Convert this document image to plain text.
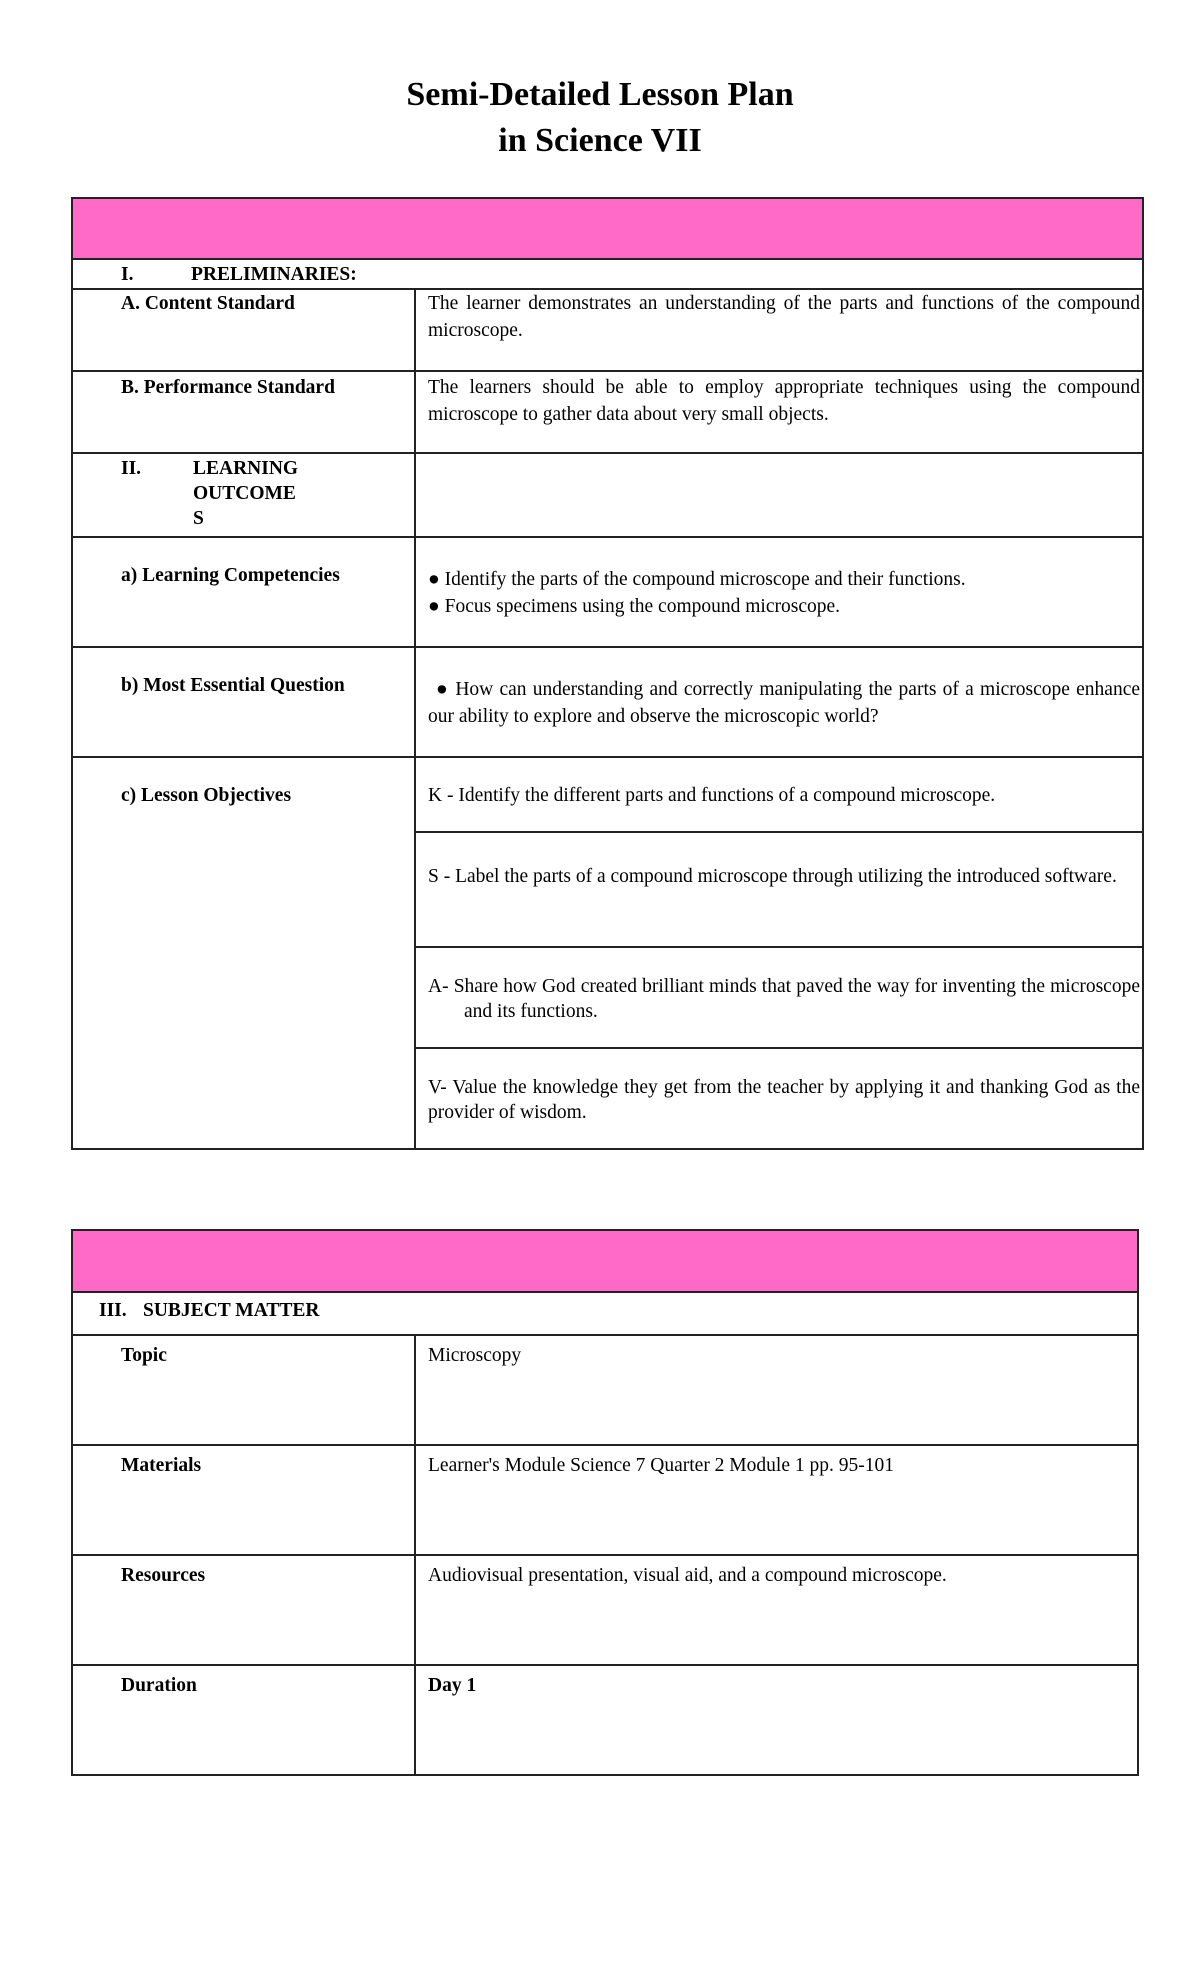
Semi-Detailed Lesson Plan
in Science VII

I. PRELIMINARIES:	
A. Content Standard	The learner demonstrates an understanding of the parts and functions of the compound microscope.
B. Performance Standard	The learners should be able to employ appropriate techniques using the compound microscope to gather data about very small objects.

II. LEARNING
OUTCOME
S	

a) Learning Competencies	● Identify the parts of the compound microscope and their functions.
● Focus specimens using the compound microscope.

b) Most Essential Question	● How can understanding and correctly manipulating the parts of a microscope enhance our ability to explore and observe the microscopic world?
c) Lesson Objectives	K - Identify the different parts and functions of a compound microscope.
	S - Label the parts of a compound microscope through utilizing the introduced software.

	A- Share how God created brilliant minds that paved the way for inventing the microscope and its functions.

	V- Value the knowledge they get from the teacher by applying it and thanking God as the provider of wisdom.

III. SUBJECT MATTER	
Topic	Microscopy
Materials	Learner's Module Science 7 Quarter 2 Module 1 pp. 95-101
Resources	Audiovisual presentation, visual aid, and a compound microscope.
Duration	Day 1
